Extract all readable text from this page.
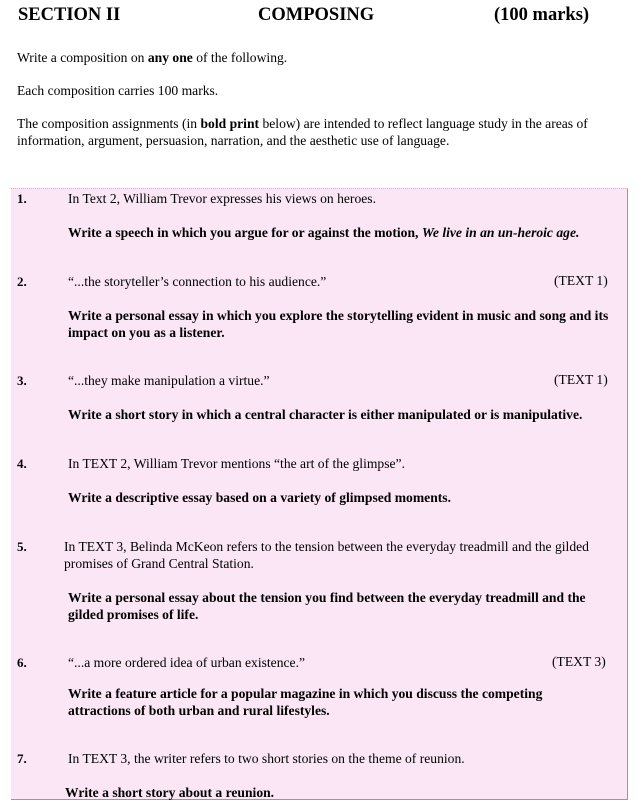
SECTION II	COMPOSING	(100 marks)

Write a composition on any one of the following.

Each composition carries 100 marks.

The composition assignments (in bold print below) are intended to reflect language study in the areas of information, argument, persuasion, narration, and the aesthetic use of language.

1.	In Text 2, William Trevor expresses his views on heroes.
Write a speech in which you argue for or against the motion, We live in an un-heroic age.
2.	“...the storyteller’s connection to his audience.”	(TEXT 1)
Write a personal essay in which you explore the storytelling evident in music and song and its impact on you as a listener.
3.	“...they make manipulation a virtue.”	(TEXT 1)
Write a short story in which a central character is either manipulated or is manipulative.
4.	In TEXT 2, William Trevor mentions “the art of the glimpse”.
Write a descriptive essay based on a variety of glimpsed moments.
5.	In TEXT 3, Belinda McKeon refers to the tension between the everyday treadmill and the gilded promises of Grand Central Station.
Write a personal essay about the tension you find between the everyday treadmill and the gilded promises of life.
6.	“...a more ordered idea of urban existence.”	(TEXT 3)
Write a feature article for a popular magazine in which you discuss the competing attractions of both urban and rural lifestyles.
7.	In TEXT 3, the writer refers to two short stories on the theme of reunion.
Write a short story about a reunion.
